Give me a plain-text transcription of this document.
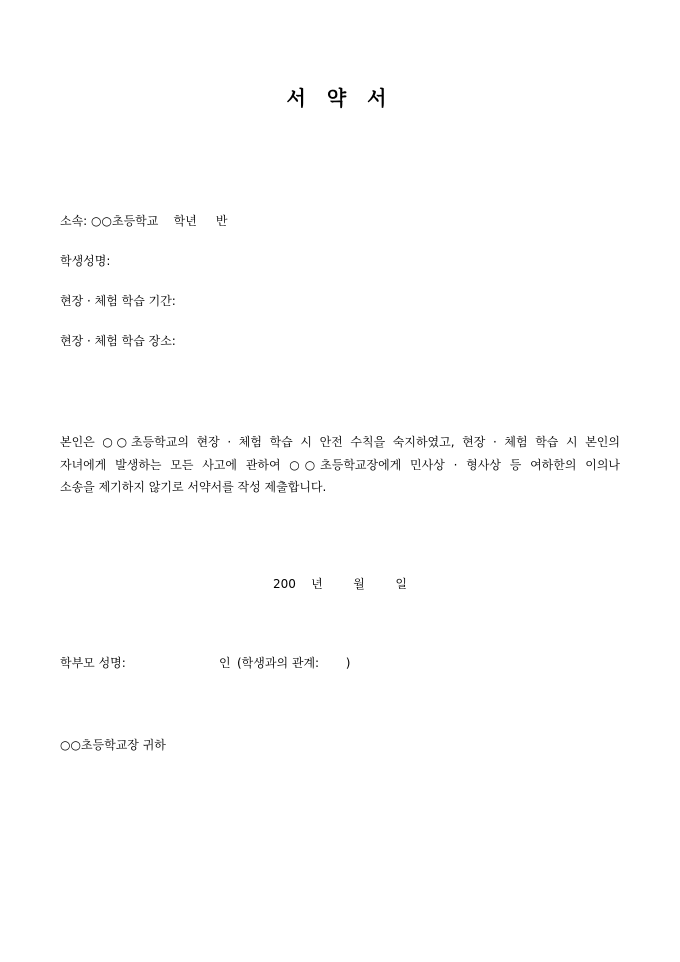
서 약 서
소속: ○○초등학교    학년     반
학생성명:
현장 · 체험 학습 기간:
현장 · 체험 학습 장소:
본인은 ○○초등학교의 현장 · 체험 학습 시 안전 수칙을 숙지하였고, 현장 · 체험 학습 시 본인의
자녀에게 발생하는 모든 사고에 관하여 ○○초등학교장에게 민사상 · 형사상 등 여하한의 이의나
소송을 제기하지 않기로 서약서를 작성 제출합니다.
200 년	월	일
학부모 성명:	인 (학생과의 관계:       )
○○초등학교장 귀하
